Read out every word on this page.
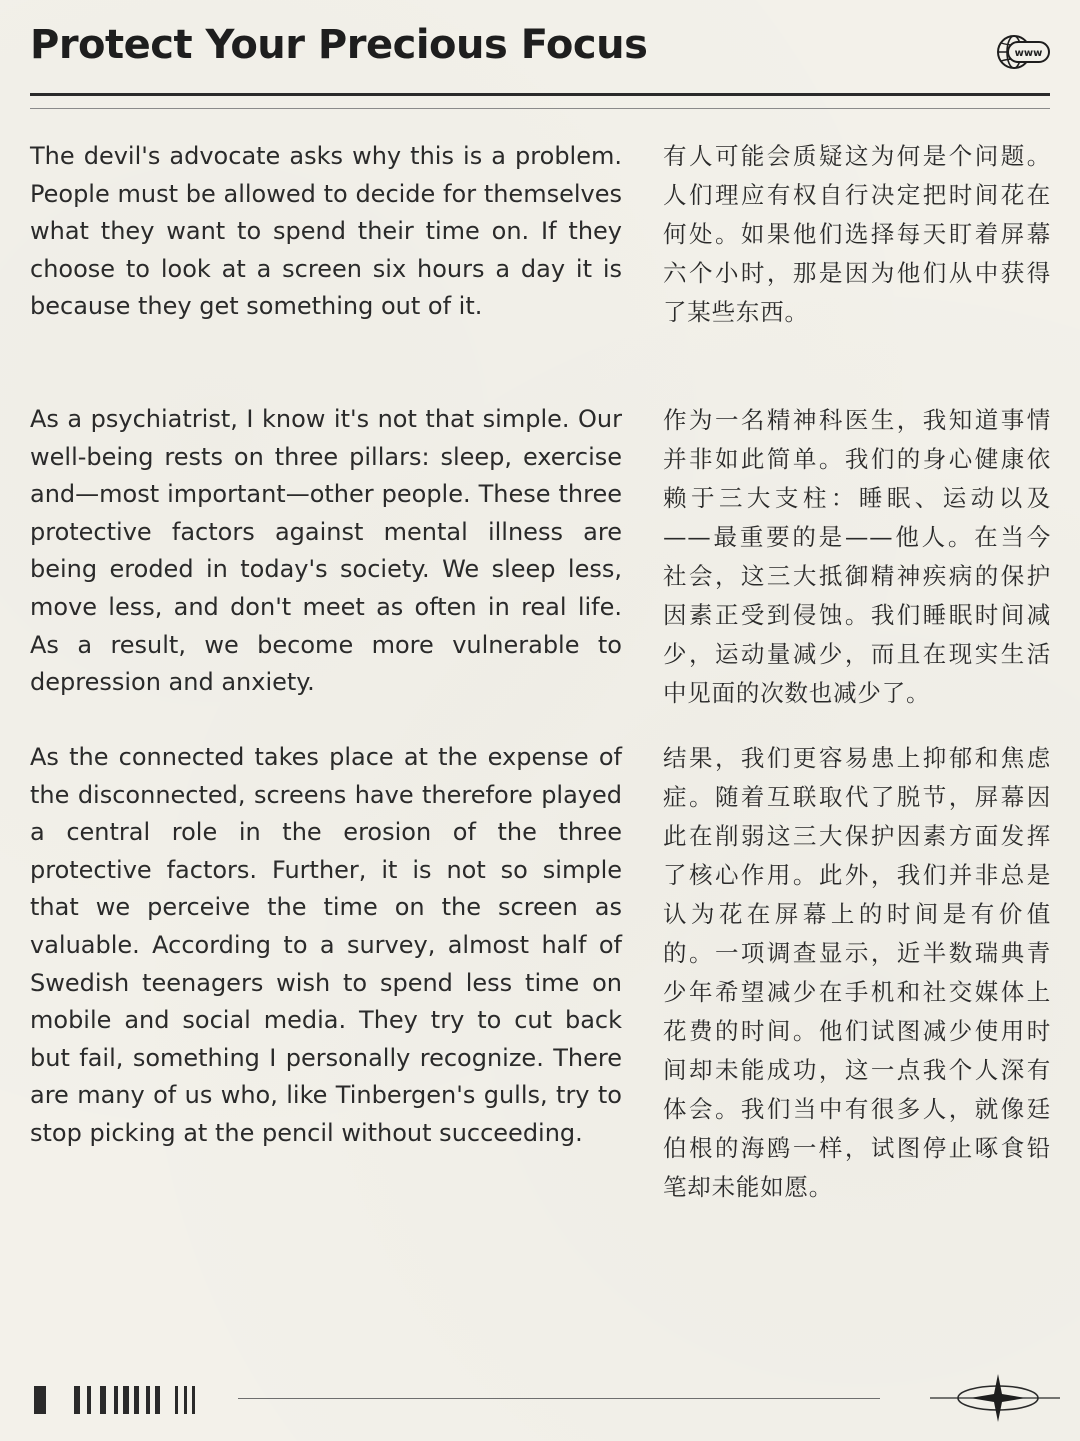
Protect Your Precious Focus	www

The devil's advocate asks why this is a problem. People must be allowed to decide for themselves what they want to spend their time on. If they choose to look at a screen six hours a day it is because they get something out of it.

As a psychiatrist, I know it's not that simple. Our well-being rests on three pillars: sleep, exercise and—most important—other people. These three protective factors against mental illness are being eroded in today's society. We sleep less, move less, and don't meet as often in real life. As a result, we become more vulnerable to depression and anxiety.

As the connected takes place at the expense of the disconnected, screens have therefore played a central role in the erosion of the three protective factors. Further, it is not so simple that we perceive the time on the screen as valuable. According to a survey, almost half of Swedish teenagers wish to spend less time on mobile and social media. They try to cut back but fail, something I personally recognize. There are many of us who, like Tinbergen's gulls, try to stop picking at the pencil without succeeding.

有人可能会质疑这为何是个问题。人们理应有权自行决定把时间花在何处。如果他们选择每天盯着屏幕六个小时，那是因为他们从中获得了某些东西。

作为一名精神科医生，我知道事情并非如此简单。我们的身心健康依赖于三大支柱：睡眠、运动以及——最重要的是——他人。在当今社会，这三大抵御精神疾病的保护因素正受到侵蚀。我们睡眠时间减少，运动量减少，而且在现实生活中见面的次数也减少了。

结果，我们更容易患上抑郁和焦虑症。随着互联取代了脱节，屏幕因此在削弱这三大保护因素方面发挥了核心作用。此外，我们并非总是认为花在屏幕上的时间是有价值的。一项调查显示，近半数瑞典青少年希望减少在手机和社交媒体上花费的时间。他们试图减少使用时间却未能成功，这一点我个人深有体会。我们当中有很多人，就像廷伯根的海鸥一样，试图停止啄食铅笔却未能如愿。
